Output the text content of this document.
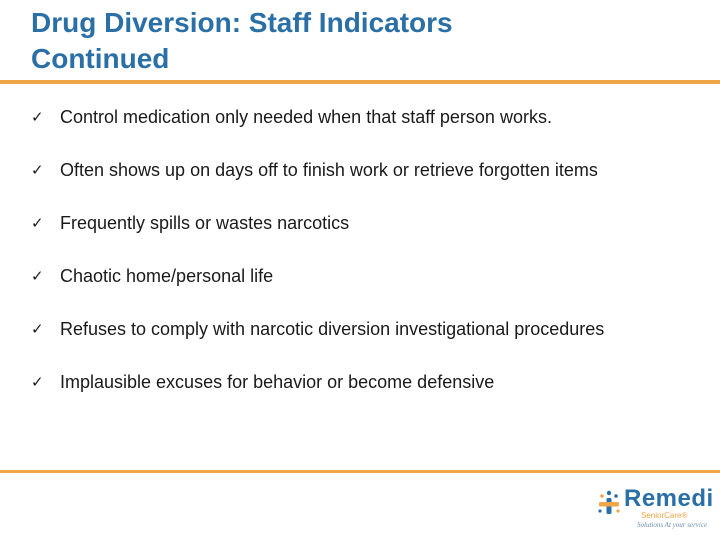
Drug Diversion: Staff Indicators
Continued
✓ Control medication only needed when that staff person works.
✓ Often shows up on days off to finish work or retrieve forgotten items
✓ Frequently spills or wastes narcotics
✓ Chaotic home/personal life
✓ Refuses to comply with narcotic diversion investigational procedures
✓ Implausible excuses for behavior or become defensive
Remedi
SeniorCare®
Solutions At your service
